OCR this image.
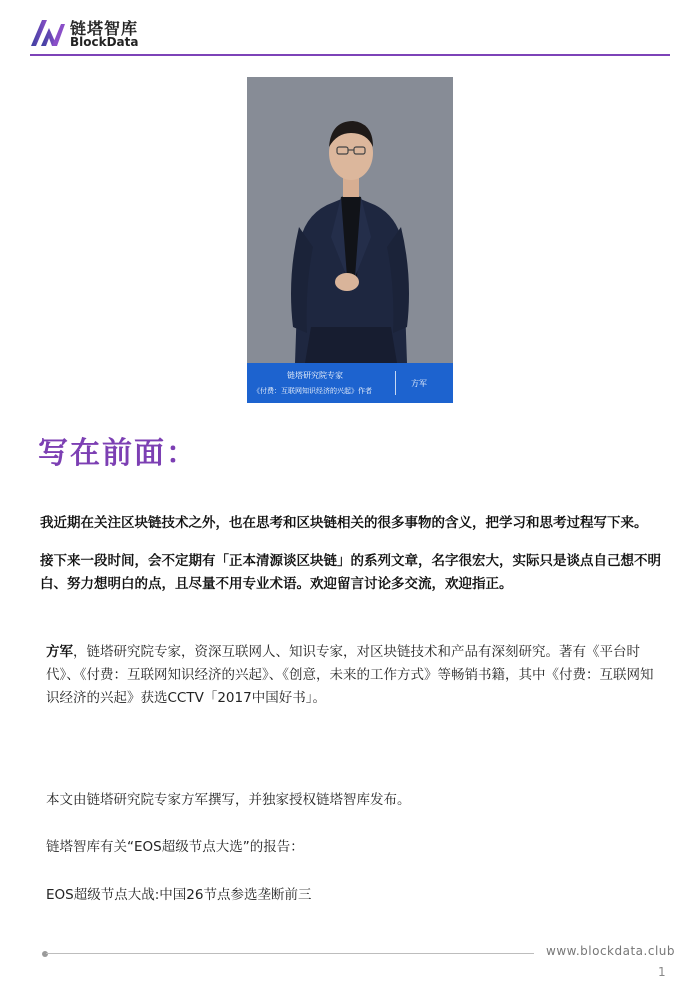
链塔智库
BlockData
链塔研究院专家
《付费：互联网知识经济的兴起》作者
方军
写在前面：
我近期在关注区块链技术之外，也在思考和区块链相关的很多事物的含义，把学习和思考过程写下来。
接下来一段时间，会不定期有「正本清源谈区块链」的系列文章，名字很宏大，实际只是谈点自己想不明白、努力想明白的点，且尽量不用专业术语。欢迎留言讨论多交流，欢迎指正。
方军，链塔研究院专家，资深互联网人、知识专家，对区块链技术和产品有深刻研究。著有《平台时代》、《付费：互联网知识经济的兴起》、《创意，未来的工作方式》等畅销书籍，其中《付费：互联网知识经济的兴起》获选CCTV「2017中国好书」。
本文由链塔研究院专家方军撰写，并独家授权链塔智库发布。
链塔智库有关“EOS超级节点大选”的报告：
EOS超级节点大战:中国26节点参选垄断前三
www.blockdata.club
1
